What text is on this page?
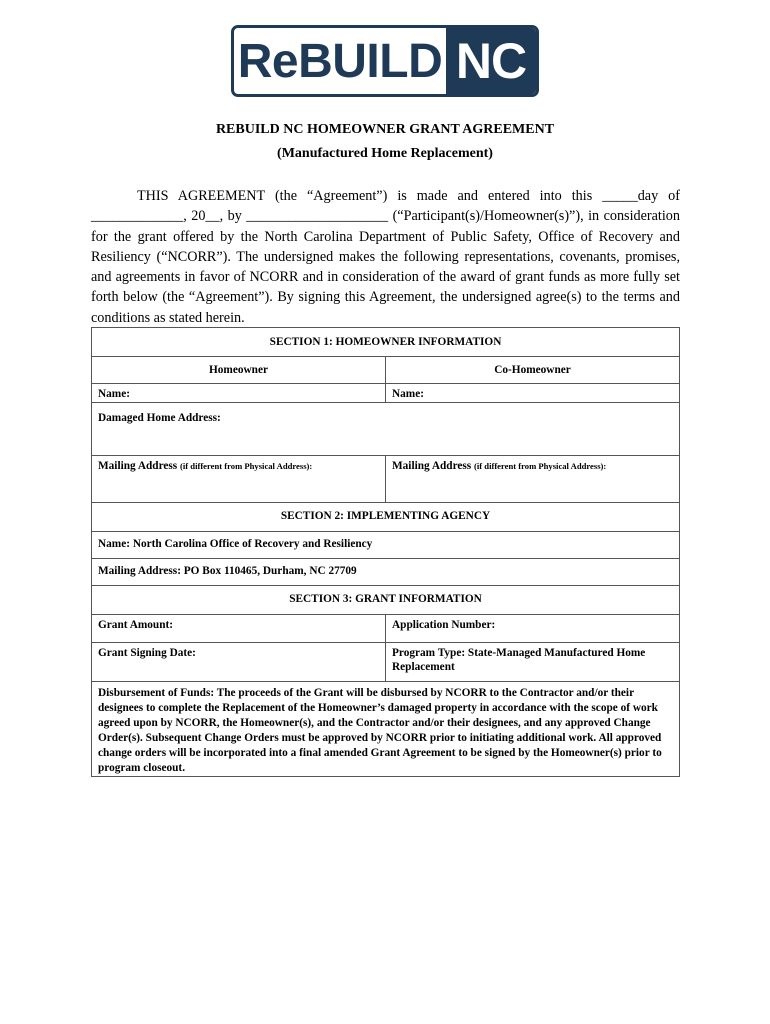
ReBUILD NC
REBUILD NC HOMEOWNER GRANT AGREEMENT
(Manufactured Home Replacement)
THIS AGREEMENT (the “Agreement”) is made and entered into this _____day of _____________, 20__, by ____________________ (“Participant(s)/Homeowner(s)”), in consideration for the grant offered by the North Carolina Department of Public Safety, Office of Recovery and Resiliency (“NCORR”). The undersigned makes the following representations, covenants, promises, and agreements in favor of NCORR and in consideration of the award of grant funds as more fully set forth below (the “Agreement”). By signing this Agreement, the undersigned agree(s) to the terms and conditions as stated herein.
SECTION 1: HOMEOWNER INFORMATION	
Homeowner	Co-Homeowner
Name:	Name:
Damaged Home Address:	
Mailing Address (if different from Physical Address):	Mailing Address (if different from Physical Address):
SECTION 2: IMPLEMENTING AGENCY	
Name: North Carolina Office of Recovery and Resiliency	
Mailing Address: PO Box 110465, Durham, NC 27709	
SECTION 3: GRANT INFORMATION	
Grant Amount:	Application Number:
Grant Signing Date:	Program Type: State-Managed Manufactured Home Replacement
Disbursement of Funds: The proceeds of the Grant will be disbursed by NCORR to the Contractor and/or their designees to complete the Replacement of the Homeowner’s damaged property in accordance with the scope of work agreed upon by NCORR, the Homeowner(s), and the Contractor and/or their designees, and any approved Change Order(s). Subsequent Change Orders must be approved by NCORR prior to initiating additional work. All approved change orders will be incorporated into a final amended Grant Agreement to be signed by the Homeowner(s) prior to program closeout.	
